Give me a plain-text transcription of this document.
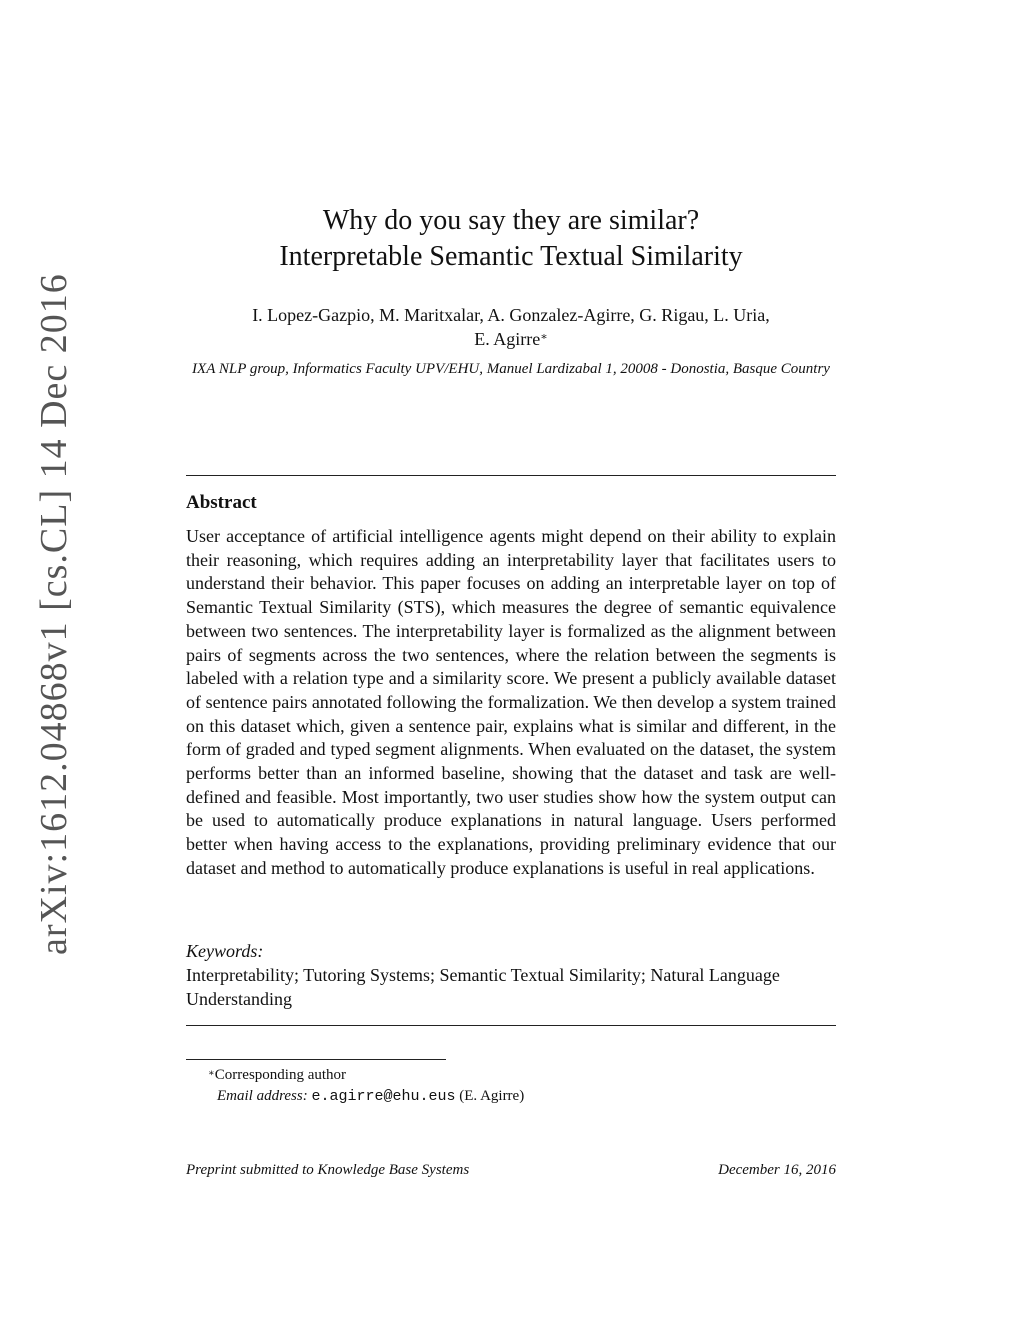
arXiv:1612.04868v1 [cs.CL] 14 Dec 2016
Why do you say they are similar?
Interpretable Semantic Textual Similarity
I. Lopez-Gazpio, M. Maritxalar, A. Gonzalez-Agirre, G. Rigau, L. Uria,
E. Agirre∗
IXA NLP group, Informatics Faculty UPV/EHU, Manuel Lardizabal 1, 20008 - Donostia, Basque Country
Abstract
User acceptance of artificial intelligence agents might depend on their ability to explain their reasoning, which requires adding an interpretability layer that facilitates users to understand their behavior. This paper focuses on adding an interpretable layer on top of Semantic Textual Similarity (STS), which measures the degree of semantic equivalence between two sentences. The interpretability layer is formalized as the alignment between pairs of segments across the two sentences, where the relation between the segments is labeled with a relation type and a similarity score. We present a publicly available dataset of sentence pairs annotated following the formalization. We then develop a system trained on this dataset which, given a sentence pair, explains what is similar and different, in the form of graded and typed segment alignments. When evaluated on the dataset, the system performs better than an informed baseline, showing that the dataset and task are well-defined and feasible. Most importantly, two user studies show how the system output can be used to automatically produce explanations in natural language. Users performed better when having access to the explanations, providing preliminary evidence that our dataset and method to automatically produce explanations is useful in real applications.
Keywords:
Interpretability; Tutoring Systems; Semantic Textual Similarity; Natural Language Understanding
∗Corresponding author
Email address: e.agirre@ehu.eus (E. Agirre)
Preprint submitted to Knowledge Base Systems	December 16, 2016
